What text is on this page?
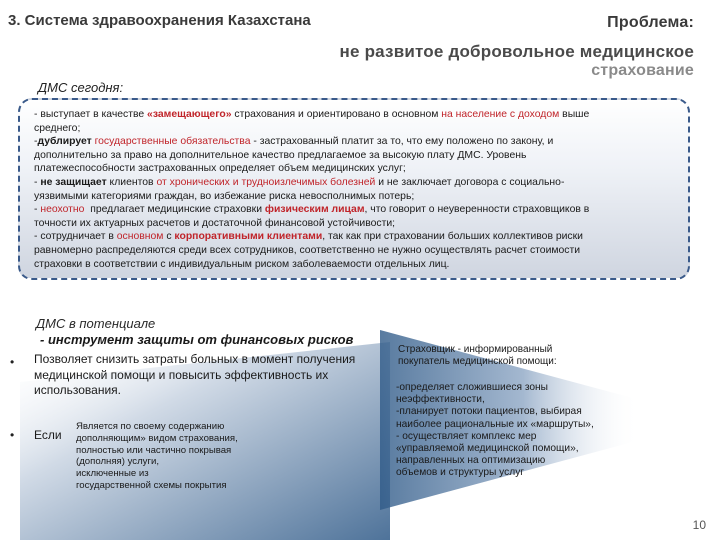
3. Система здравоохранения Казахстана	Проблема:
не развитое добровольное медицинское
страхование
ДМС сегодня:
- выступает в качестве «замещающего» страхования и ориентировано в основном на население с доходом выше
среднего;
-дублирует государственные обязательства - застрахованный платит за то, что ему положено по закону, и
дополнительно за право на дополнительное качество предлагаемое за высокую плату ДМС. Уровень
платежеспособности застрахованных определяет объем медицинских услуг;
- не защищает клиентов от хронических и труднoизлечимых болезней и не заключает договора с социально-
уязвимыми категориями граждан, во избежание риска невосполнимых потерь;
- неохотно  предлагает медицинские страховки физическим лицам, что говорит о неуверенности страховщиков в
точности их актуарных расчетов и достаточной финансовой устойчивости;
- сотрудничает в основном с корпоративными клиентами, так как при страховании больших коллективов риски
равномерно распределяются среди всех сотрудников, соответственно не нужно осуществлять расчет стоимости
страховки в соответствии с индивидуальным риском заболеваемости отдельных лиц.
ДМС в потенциале
- инструмент защиты от финансовых рисков
• Позволяет снизить затраты больных в момент получения медицинской помощи и повысить эффективность их использования.
• Если
Является по своему содержанию
дополняющим» видом страхования,
полностью или частично покрывая
(дополняя) услуги,
исключенные из
государственной схемы покрытия
Страховщик - информированный
покупатель медицинской помощи:
-определяет сложившиеся зоны
неэффективности,
-планирует потоки пациентов, выбирая
наиболее рациональные их «маршруты»,
- осуществляет комплекс мер
«управляемой медицинской помощи»,
направленных на оптимизацию
объемов и структуры услуг
10
